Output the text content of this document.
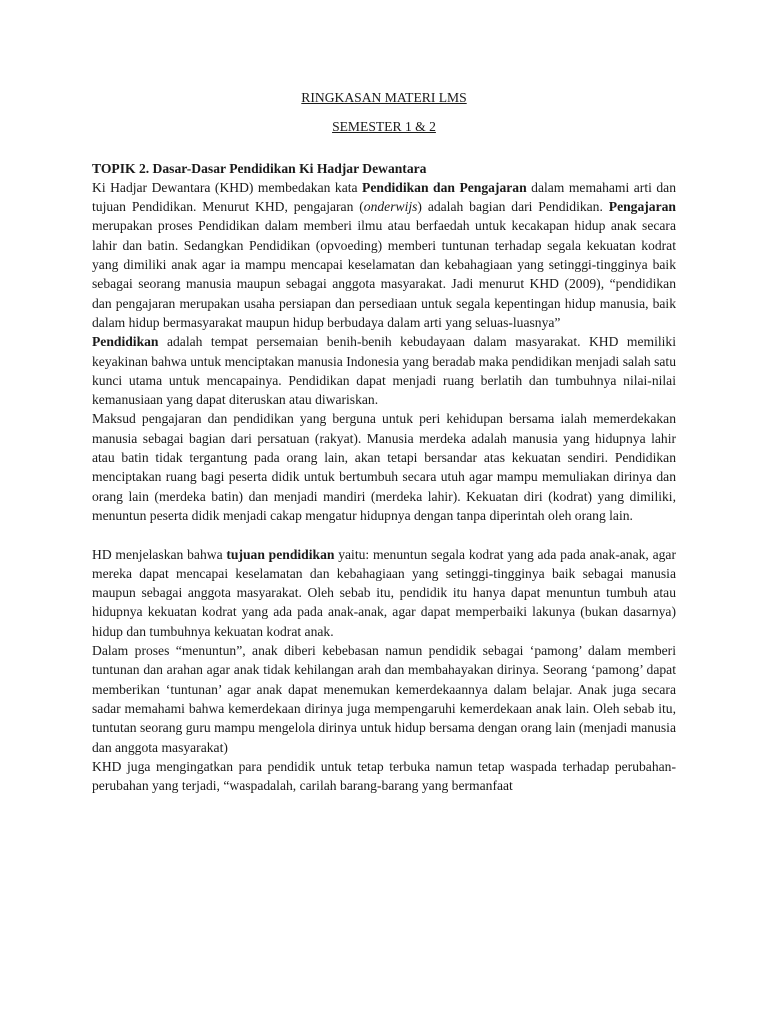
RINGKASAN MATERI LMS
SEMESTER 1 & 2
TOPIK 2. Dasar-Dasar Pendidikan Ki Hadjar Dewantara

Ki Hadjar Dewantara (KHD) membedakan kata Pendidikan dan Pengajaran dalam memahami arti dan tujuan Pendidikan. Menurut KHD, pengajaran (onderwijs) adalah bagian dari Pendidikan. Pengajaran merupakan proses Pendidikan dalam memberi ilmu atau berfaedah untuk kecakapan hidup anak secara lahir dan batin. Sedangkan Pendidikan (opvoeding) memberi tuntunan terhadap segala kekuatan kodrat yang dimiliki anak agar ia mampu mencapai keselamatan dan kebahagiaan yang setinggi-tingginya baik sebagai seorang manusia maupun sebagai anggota masyarakat. Jadi menurut KHD (2009), “pendidikan dan pengajaran merupakan usaha persiapan dan persediaan untuk segala kepentingan hidup manusia, baik dalam hidup bermasyarakat maupun hidup berbudaya dalam arti yang seluas-luasnya”

Pendidikan adalah tempat persemaian benih-benih kebudayaan dalam masyarakat. KHD memiliki keyakinan bahwa untuk menciptakan manusia Indonesia yang beradab maka pendidikan menjadi salah satu kunci utama untuk mencapainya. Pendidikan dapat menjadi ruang berlatih dan tumbuhnya nilai-nilai kemanusiaan yang dapat diteruskan atau diwariskan.

Maksud pengajaran dan pendidikan yang berguna untuk peri kehidupan bersama ialah memerdekakan manusia sebagai bagian dari persatuan (rakyat). Manusia merdeka adalah manusia yang hidupnya lahir atau batin tidak tergantung pada orang lain, akan tetapi bersandar atas kekuatan sendiri. Pendidikan menciptakan ruang bagi peserta didik untuk bertumbuh secara utuh agar mampu memuliakan dirinya dan orang lain (merdeka batin) dan menjadi mandiri (merdeka lahir). Kekuatan diri (kodrat) yang dimiliki, menuntun peserta didik menjadi cakap mengatur hidupnya dengan tanpa diperintah oleh orang lain.

HD menjelaskan bahwa tujuan pendidikan yaitu: menuntun segala kodrat yang ada pada anak-anak, agar mereka dapat mencapai keselamatan dan kebahagiaan yang setinggi-tingginya baik sebagai manusia maupun sebagai anggota masyarakat. Oleh sebab itu, pendidik itu hanya dapat menuntun tumbuh atau hidupnya kekuatan kodrat yang ada pada anak-anak, agar dapat memperbaiki lakunya (bukan dasarnya) hidup dan tumbuhnya kekuatan kodrat anak.

Dalam proses “menuntun”, anak diberi kebebasan namun pendidik sebagai ‘pamong’ dalam memberi tuntunan dan arahan agar anak tidak kehilangan arah dan membahayakan dirinya. Seorang ‘pamong’ dapat memberikan ‘tuntunan’ agar anak dapat menemukan kemerdekaannya dalam belajar. Anak juga secara sadar memahami bahwa kemerdekaan dirinya juga mempengaruhi kemerdekaan anak lain. Oleh sebab itu, tuntutan seorang guru mampu mengelola dirinya untuk hidup bersama dengan orang lain (menjadi manusia dan anggota masyarakat)

KHD juga mengingatkan para pendidik untuk tetap terbuka namun tetap waspada terhadap perubahan-perubahan yang terjadi, “waspadalah, carilah barang-barang yang bermanfaat
